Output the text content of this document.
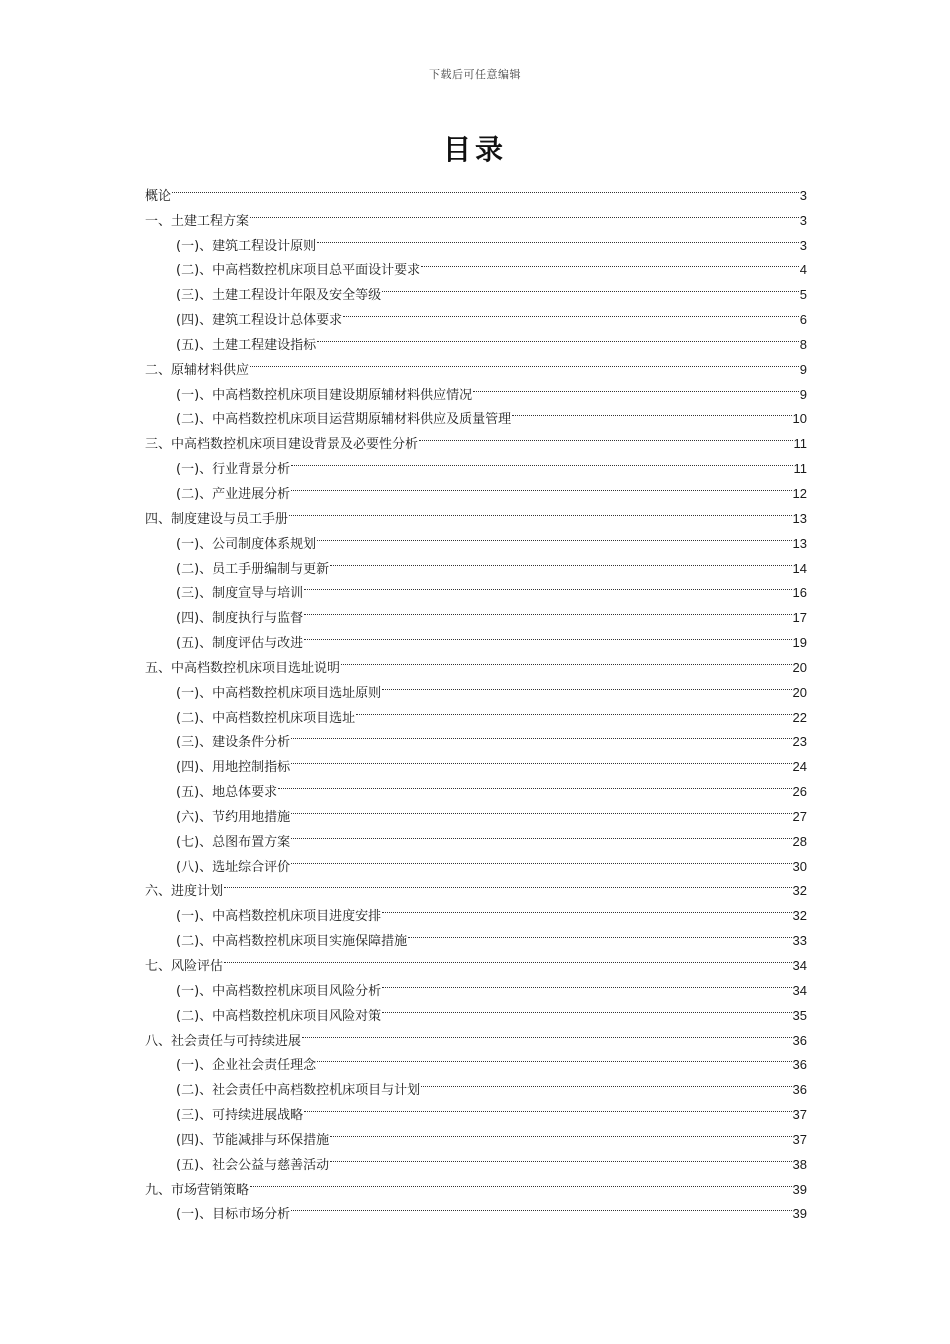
下载后可任意编辑
目录
概论	3
一、土建工程方案	3
(一)、建筑工程设计原则	3
(二)、中高档数控机床项目总平面设计要求	4
(三)、土建工程设计年限及安全等级	5
(四)、建筑工程设计总体要求	6
(五)、土建工程建设指标	8
二、原辅材料供应	9
(一)、中高档数控机床项目建设期原辅材料供应情况	9
(二)、中高档数控机床项目运营期原辅材料供应及质量管理	10
三、中高档数控机床项目建设背景及必要性分析	11
(一)、行业背景分析	11
(二)、产业进展分析	12
四、制度建设与员工手册	13
(一)、公司制度体系规划	13
(二)、员工手册编制与更新	14
(三)、制度宣导与培训	16
(四)、制度执行与监督	17
(五)、制度评估与改进	19
五、中高档数控机床项目选址说明	20
(一)、中高档数控机床项目选址原则	20
(二)、中高档数控机床项目选址	22
(三)、建设条件分析	23
(四)、用地控制指标	24
(五)、地总体要求	26
(六)、节约用地措施	27
(七)、总图布置方案	28
(八)、选址综合评价	30
六、进度计划	32
(一)、中高档数控机床项目进度安排	32
(二)、中高档数控机床项目实施保障措施	33
七、风险评估	34
(一)、中高档数控机床项目风险分析	34
(二)、中高档数控机床项目风险对策	35
八、社会责任与可持续进展	36
(一)、企业社会责任理念	36
(二)、社会责任中高档数控机床项目与计划	36
(三)、可持续进展战略	37
(四)、节能减排与环保措施	37
(五)、社会公益与慈善活动	38
九、市场营销策略	39
(一)、目标市场分析	39
